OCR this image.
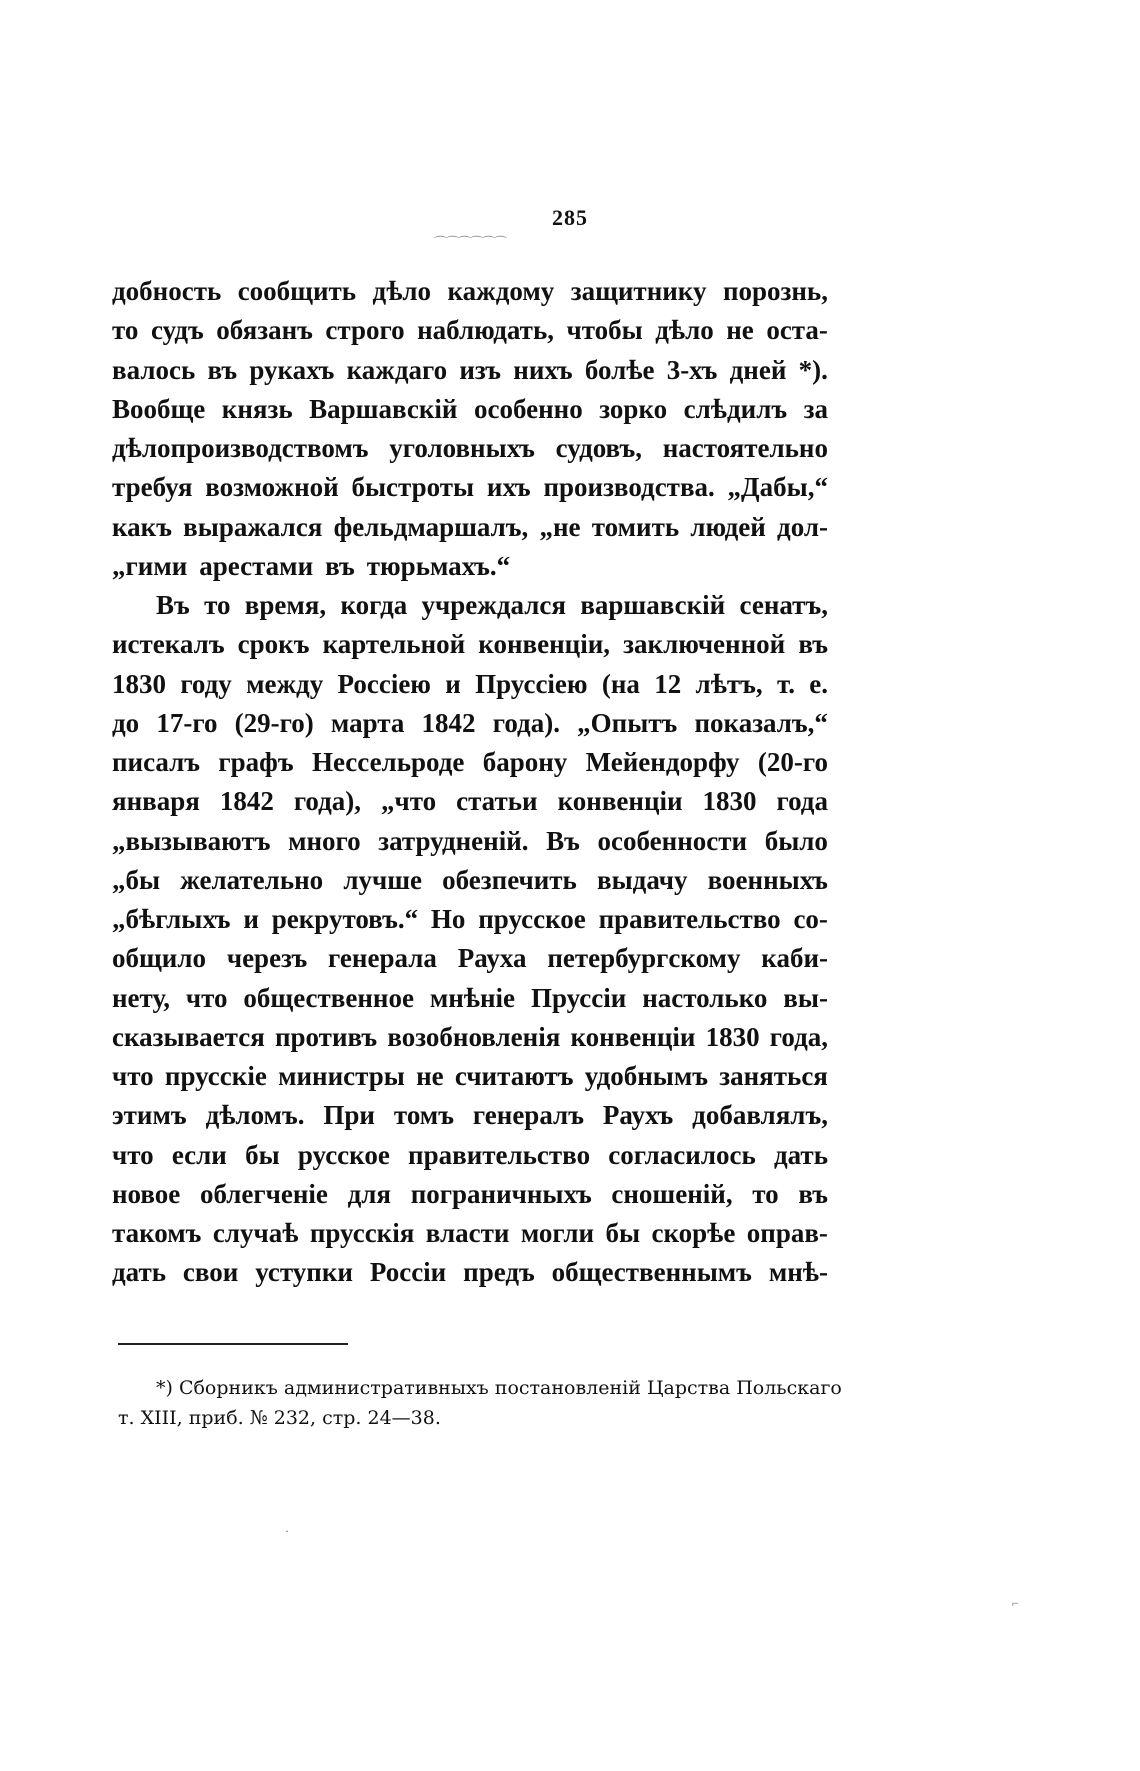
285
⌒⌒⌒⌒⌒⌒
добность сообщить дѣло каждому защитнику порознь,
то судъ обязанъ строго наблюдать, чтобы дѣло не оста-
валось въ рукахъ каждаго изъ нихъ болѣе 3-хъ дней *).
Вообще князь Варшавскій особенно зорко слѣдилъ за
дѣлопроизводствомъ уголовныхъ судовъ, настоятельно
требуя возможной быстроты ихъ производства. „Дабы,“
какъ выражался фельдмаршалъ, „не томить людей дол-
„гими арестами въ тюрьмахъ.“
Въ то время, когда учреждался варшавскій сенатъ,
истекалъ срокъ картельной конвенціи, заключенной въ
1830 году между Россіею и Пруссіею (на 12 лѣтъ, т. е.
до 17-го (29-го) марта 1842 года). „Опытъ показалъ,“
писалъ графъ Нессельроде барону Мейендорфу (20-го
января 1842 года), „что статьи конвенціи 1830 года
„вызываютъ много затрудненій. Въ особенности было
„бы желательно лучше обезпечить выдачу военныхъ
„бѣглыхъ и рекрутовъ.“ Но прусское правительство со-
общило черезъ генерала Рауха петербургскому каби-
нету, что общественное мнѣніе Пруссіи настолько вы-
сказывается противъ возобновленія конвенціи 1830 года,
что прусскіе министры не считаютъ удобнымъ заняться
этимъ дѣломъ. При томъ генералъ Раухъ добавлялъ,
что если бы русское правительство согласилось дать
новое облегченіе для пограничныхъ сношеній, то въ
такомъ случаѣ прусскія власти могли бы скорѣе оправ-
дать свои уступки Россіи предъ общественнымъ мнѣ-
*) Сборникъ административныхъ постановленій Царства Польскаго
т. XIII, приб. № 232, стр. 24—38.
·
⌐
